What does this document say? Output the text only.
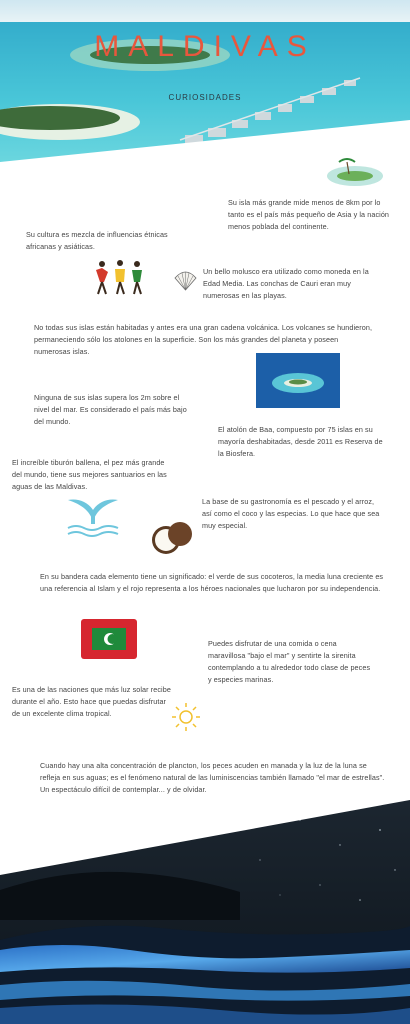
MALDIVAS
CURIOSIDADES
Su isla más grande mide menos de 8km por lo tanto es el país más pequeño de Asia y la nación menos poblada del continente.
Su cultura es mezcla de influencias étnicas africanas y asiáticas.
Un bello molusco era utilizado como moneda en la Edad Media. Las conchas de Cauri eran muy numerosas en las playas.
No todas sus islas están habitadas y antes era una gran cadena volcánica. Los volcanes se hundieron, permaneciendo sólo los atolones en la superficie. Son los más grandes del planeta y poseen numerosas islas.
Ninguna de sus islas supera los 2m sobre el nivel del mar. Es considerado el país más bajo del mundo.
El atolón de Baa, compuesto por 75 islas en su mayoría deshabitadas, desde 2011 es Reserva de la Biosfera.
El increíble tiburón ballena, el pez más grande del mundo, tiene sus mejores santuarios en las aguas de las Maldivas.
La base de su gastronomía es el pescado y el arroz, así como el coco y las especias. Lo que hace que sea muy especial.
En su bandera cada elemento tiene un significado: el verde de sus cocoteros, la media luna creciente es una referencia al Islam y el rojo representa a los héroes nacionales que lucharon por su independencia.
Puedes disfrutar de una comida o cena maravillosa "bajo el mar" y sentirte la sirenita contemplando a tu alrededor todo clase de peces y especies marinas.
Es una de las naciones que más luz solar recibe durante el año. Esto hace que puedas disfrutar de un excelente clima tropical.
Cuando hay una alta concentración de plancton, los peces acuden en manada y la luz de la luna se refleja en sus aguas; es el fenómeno natural de las luminiscencias también llamado "el mar de estrellas". Un espectáculo difícil de contemplar... y de olvidar.
